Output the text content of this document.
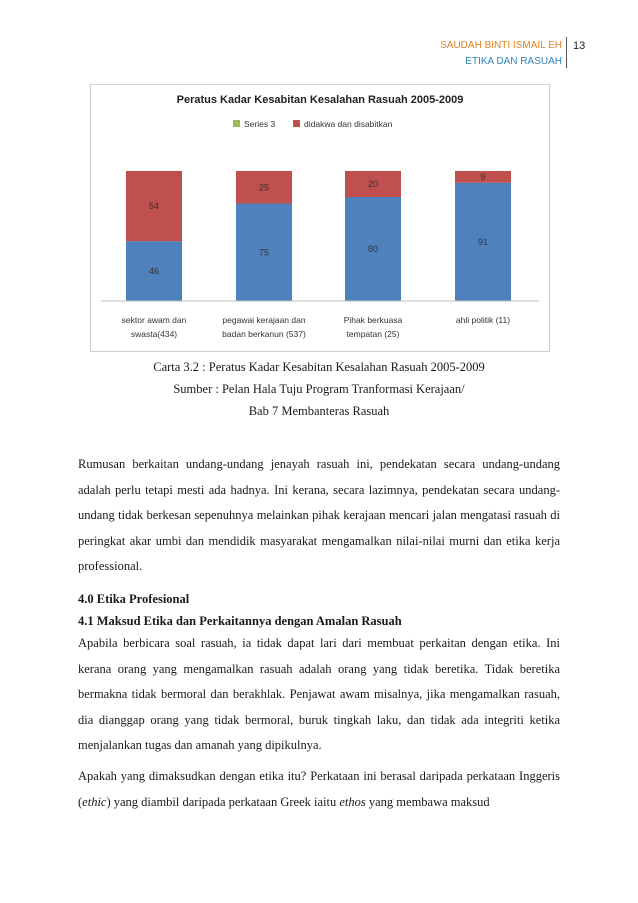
SAUDAH BINTI ISMAIL EH
ETIKA DAN RASUAH
13
Peratus Kadar Kesabitan Kesalahan Rasuah 2005-2009
Series 3	didakwa dan disabitkan
46
54
75
25
80
20
91
9
sektor awam dan
swasta(434)
pegawai kerajaan dan
badan berkanun (537)
Pihak berkuasa
tempatan (25)
ahli politik (11)
Carta 3.2 : Peratus Kadar Kesabitan Kesalahan Rasuah 2005-2009
Sumber : Pelan Hala Tuju Program Tranformasi Kerajaan/
Bab 7 Membanteras Rasuah

Rumusan berkaitan undang-undang jenayah rasuah ini, pendekatan secara undang-undang adalah perlu tetapi mesti ada hadnya. Ini kerana, secara lazimnya, pendekatan secara undang-undang tidak berkesan sepenuhnya melainkan pihak kerajaan mencari jalan mengatasi rasuah di peringkat akar umbi dan mendidik masyarakat mengamalkan nilai-nilai murni dan etika kerja professional.

4.0 Etika Profesional

4.1 Maksud Etika dan Perkaitannya dengan Amalan Rasuah

Apabila berbicara soal rasuah, ia tidak dapat lari dari membuat perkaitan dengan etika. Ini kerana orang yang mengamalkan rasuah adalah orang yang tidak beretika. Tidak beretika bermakna tidak bermoral dan berakhlak. Penjawat awam misalnya, jika mengamalkan rasuah, dia dianggap orang yang tidak bermoral, buruk tingkah laku, dan tidak ada integriti ketika menjalankan tugas dan amanah yang dipikulnya.

Apakah yang dimaksudkan dengan etika itu? Perkataan ini berasal daripada perkataan Inggeris (ethic) yang diambil daripada perkataan Greek iaitu ethos yang membawa maksud
